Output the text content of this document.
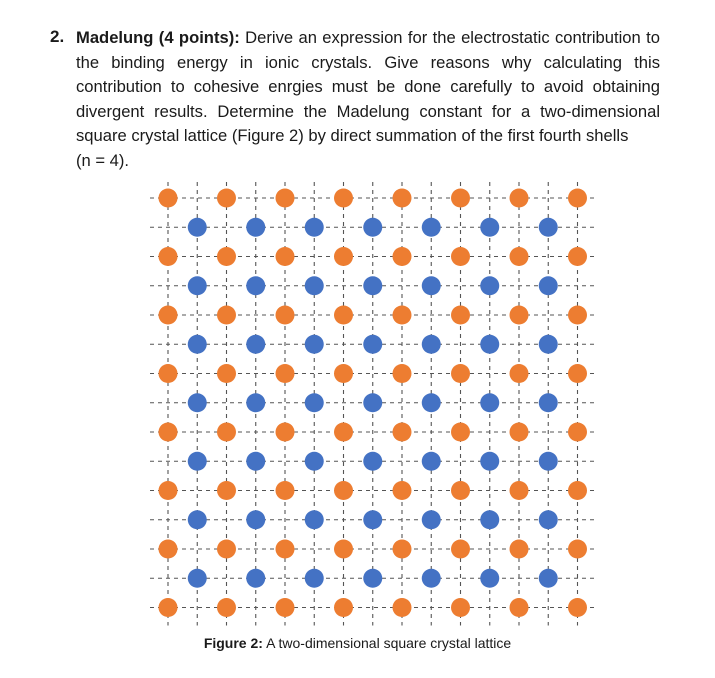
2. Madelung (4 points): Derive an expression for the electrostatic contribution to the binding energy in ionic crystals. Give reasons why calculating this contribution to cohesive enrgies must be done carefully to avoid obtaining divergent results. Determine the Madelung constant for a two-dimensional square crystal lattice (Figure 2) by direct summation of the first fourth shells
(n = 4).
Figure 2: A two-dimensional square crystal lattice
